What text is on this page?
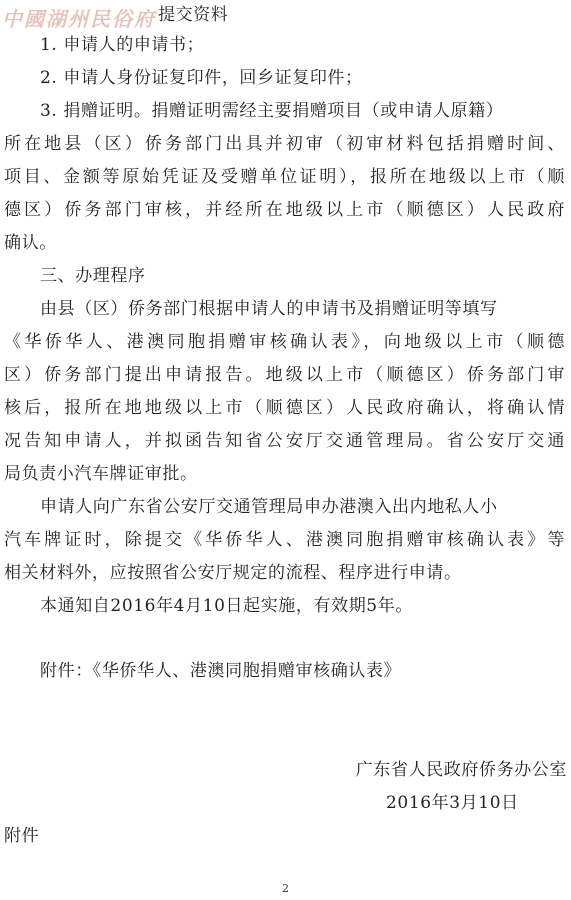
中國湖州民俗府 提交资料
1. 申请人的申请书；
2. 申请人身份证复印件，回乡证复印件；
3. 捐赠证明。捐赠证明需经主要捐赠项目（或申请人原籍）
所在地县（区）侨务部门出具并初审（初审材料包括捐赠时间、
项目、金额等原始凭证及受赠单位证明），报所在地级以上市（顺
德区）侨务部门审核，并经所在地级以上市（顺德区）人民政府
确认。
三、办理程序
由县（区）侨务部门根据申请人的申请书及捐赠证明等填写
《华侨华人、港澳同胞捐赠审核确认表》，向地级以上市（顺德
区）侨务部门提出申请报告。地级以上市（顺德区）侨务部门审
核后，报所在地地级以上市（顺德区）人民政府确认，将确认情
况告知申请人，并拟函告知省公安厅交通管理局。省公安厅交通
局负责小汽车牌证审批。
申请人向广东省公安厅交通管理局申办港澳入出内地私人小
汽车牌证时，除提交《华侨华人、港澳同胞捐赠审核确认表》等
相关材料外，应按照省公安厅规定的流程、程序进行申请。
本通知自2016年4月10日起实施，有效期5年。
附件：《华侨华人、港澳同胞捐赠审核确认表》
广东省人民政府侨务办公室
2016年3月10日
附件
2
